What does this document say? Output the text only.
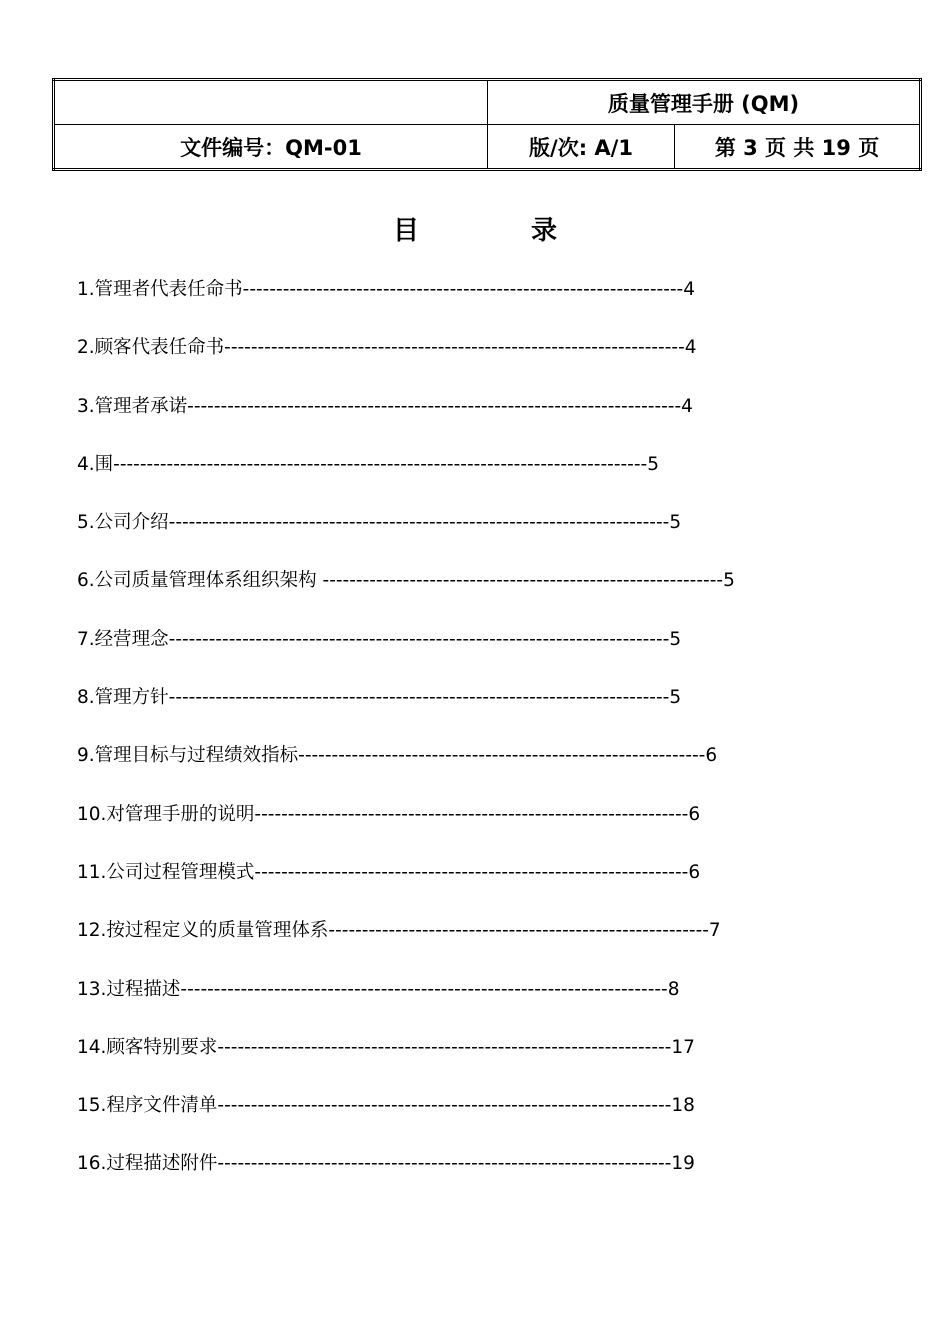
	质量管理手册 (QM)	
文件编号：QM-01	版/次: A/1	第 3 页 共 19 页
目	录
1.管理者代表任命书------------------------------------------------------------------4
2.顾客代表任命书---------------------------------------------------------------------4
3.管理者承诺--------------------------------------------------------------------------4
4.围--------------------------------------------------------------------------------5
5.公司介绍---------------------------------------------------------------------------5
6.公司质量管理体系组织架构 ------------------------------------------------------------5
7.经营理念---------------------------------------------------------------------------5
8.管理方针---------------------------------------------------------------------------5
9.管理目标与过程绩效指标-------------------------------------------------------------6
10.对管理手册的说明-----------------------------------------------------------------6
11.公司过程管理模式-----------------------------------------------------------------6
12.按过程定义的质量管理体系---------------------------------------------------------7
13.过程描述-------------------------------------------------------------------------8
14.顾客特别要求--------------------------------------------------------------------17
15.程序文件清单--------------------------------------------------------------------18
16.过程描述附件--------------------------------------------------------------------19
